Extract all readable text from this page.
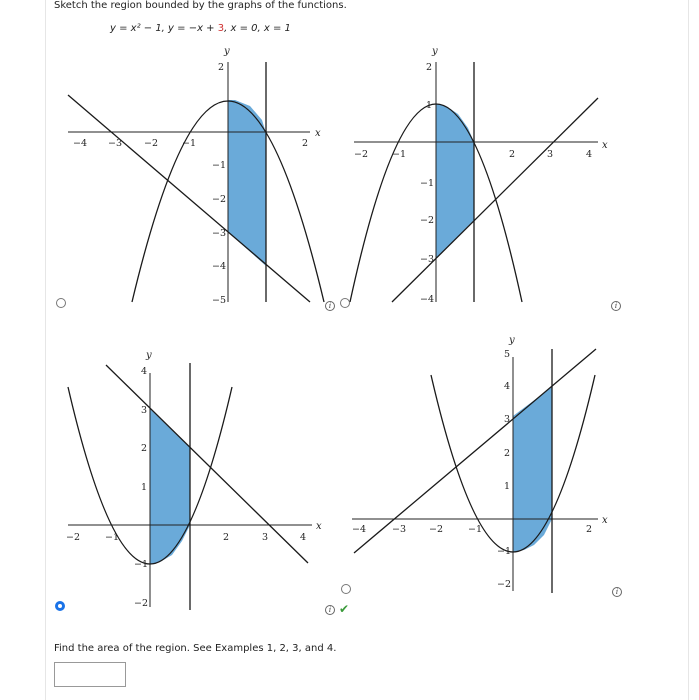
Sketch the region bounded by the graphs of the functions.
y = x² − 1, y = −x + 3, x = 0, x = 1
−4 −3 −2	−1	2
2
−1
−2
−3
−4
−5
x
y
i
−2	−1	2	3	4
2
1
−1
−2
−3
−4
x
y
i
−2	−1	2	3	4
4
3
2
1
−1
−2
x
y
i ✔
−4	−3 −2	−1	2
5
4
3
2
1
−1
−2
x
y
i
Find the area of the region. See Examples 1, 2, 3, and 4.
